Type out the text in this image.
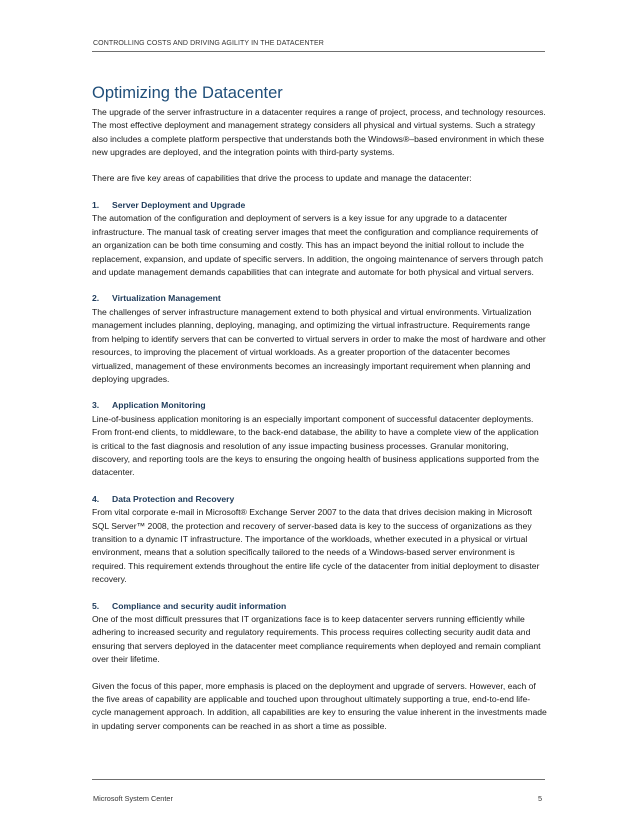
CONTROLLING COSTS AND DRIVING AGILITY IN THE DATACENTER
Optimizing the Datacenter

The upgrade of the server infrastructure in a datacenter requires a range of project, process, and technology resources. The most effective deployment and management strategy considers all physical and virtual systems. Such a strategy also includes a complete platform perspective that understands both the Windows®–based environment in which these new upgrades are deployed, and the integration points with third-party systems.

There are five key areas of capabilities that drive the process to update and manage the datacenter:

1. Server Deployment and Upgrade

The automation of the configuration and deployment of servers is a key issue for any upgrade to a datacenter infrastructure. The manual task of creating server images that meet the configuration and compliance requirements of an organization can be both time consuming and costly. This has an impact beyond the initial rollout to include the replacement, expansion, and update of specific servers. In addition, the ongoing maintenance of servers through patch and update management demands capabilities that can integrate and automate for both physical and virtual servers.

2. Virtualization Management

The challenges of server infrastructure management extend to both physical and virtual environments. Virtualization management includes planning, deploying, managing, and optimizing the virtual infrastructure. Requirements range from helping to identify servers that can be converted to virtual servers in order to make the most of hardware and other resources, to improving the placement of virtual workloads. As a greater proportion of the datacenter becomes virtualized, management of these environments becomes an increasingly important requirement when planning and deploying upgrades.

3. Application Monitoring

Line-of-business application monitoring is an especially important component of successful datacenter deployments. From front-end clients, to middleware, to the back-end database, the ability to have a complete view of the application is critical to the fast diagnosis and resolution of any issue impacting business processes. Granular monitoring, discovery, and reporting tools are the keys to ensuring the ongoing health of business applications supported from the datacenter.

4. Data Protection and Recovery

From vital corporate e-mail in Microsoft® Exchange Server 2007 to the data that drives decision making in Microsoft SQL Server™ 2008, the protection and recovery of server-based data is key to the success of organizations as they transition to a dynamic IT infrastructure. The importance of the workloads, whether executed in a physical or virtual environment, means that a solution specifically tailored to the needs of a Windows-based server environment is required. This requirement extends throughout the entire life cycle of the datacenter from initial deployment to disaster recovery.

5. Compliance and security audit information

One of the most difficult pressures that IT organizations face is to keep datacenter servers running efficiently while adhering to increased security and regulatory requirements. This process requires collecting security audit data and ensuring that servers deployed in the datacenter meet compliance requirements when deployed and remain compliant over their lifetime.

Given the focus of this paper, more emphasis is placed on the deployment and upgrade of servers. However, each of the five areas of capability are applicable and touched upon throughout ultimately supporting a true, end-to-end life-cycle management approach. In addition, all capabilities are key to ensuring the value inherent in the investments made in updating server components can be reached in as short a time as possible.

Microsoft System Center	5
